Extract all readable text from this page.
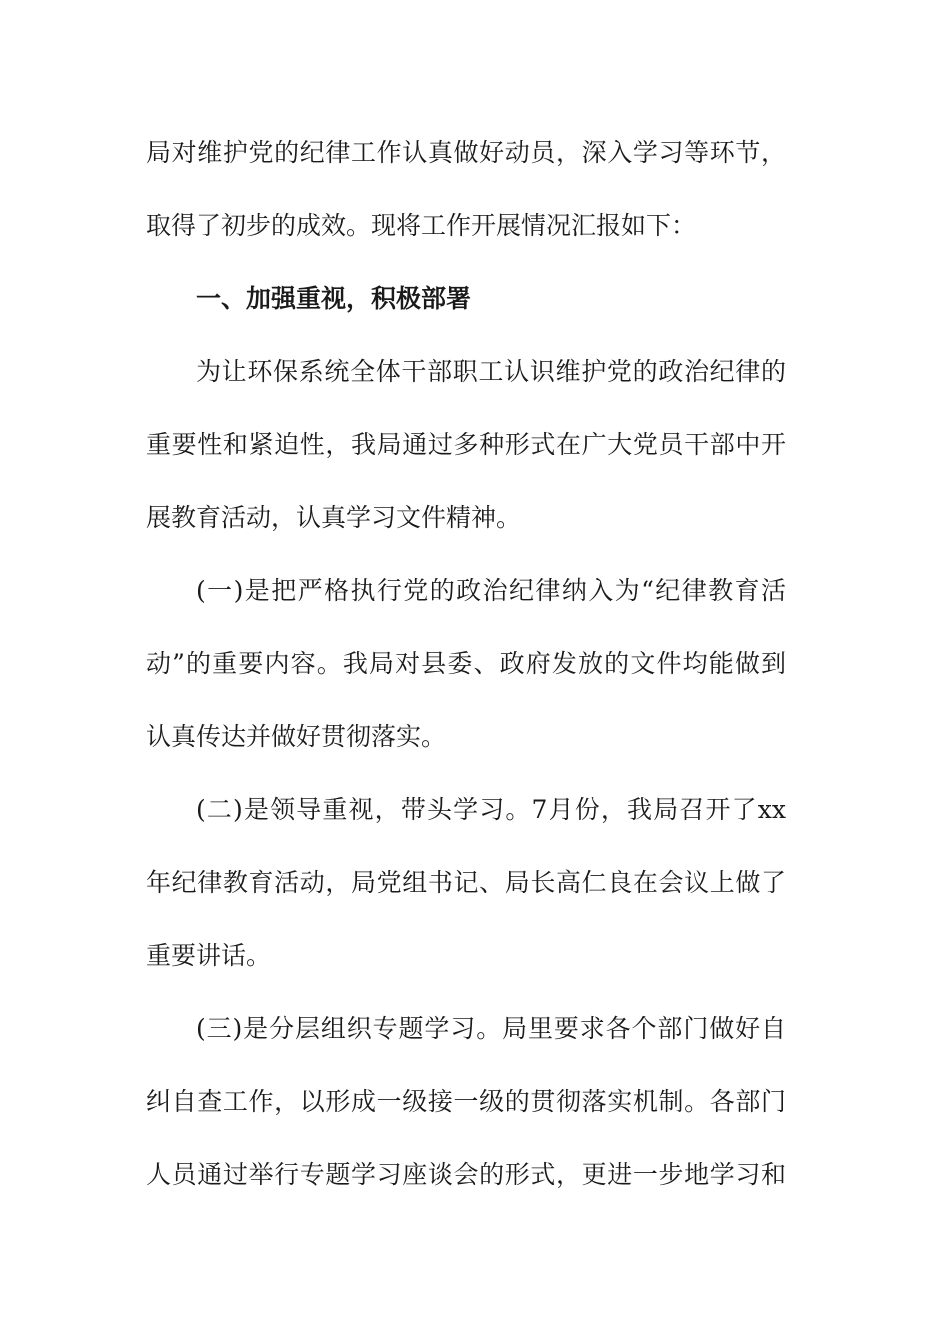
局对维护党的纪律工作认真做好动员，深入学习等环节，
取得了初步的成效。现将工作开展情况汇报如下：
一、加强重视，积极部署
为让环保系统全体干部职工认识维护党的政治纪律的
重要性和紧迫性，我局通过多种形式在广大党员干部中开
展教育活动，认真学习文件精神。
(一)是把严格执行党的政治纪律纳入为“纪律教育活
动”的重要内容。我局对县委、政府发放的文件均能做到
认真传达并做好贯彻落实。
(二)是领导重视，带头学习。7月份，我局召开了xx
年纪律教育活动，局党组书记、局长高仁良在会议上做了
重要讲话。
(三)是分层组织专题学习。局里要求各个部门做好自
纠自查工作，以形成一级接一级的贯彻落实机制。各部门
人员通过举行专题学习座谈会的形式，更进一步地学习和
